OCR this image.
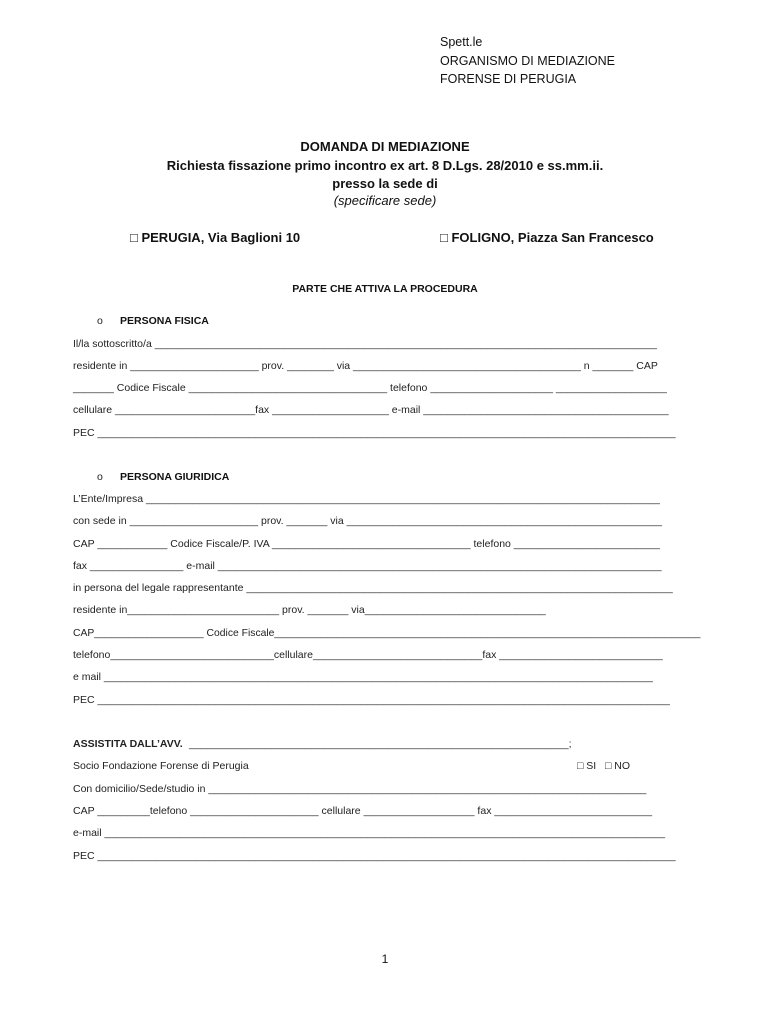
Spett.le
ORGANISMO DI MEDIAZIONE
FORENSE DI PERUGIA
DOMANDA DI MEDIAZIONE
Richiesta fissazione primo incontro ex art. 8 D.Lgs. 28/2010 e ss.mm.ii.
presso la sede di
(specificare sede)
□ PERUGIA, Via Baglioni 10	□ FOLIGNO, Piazza San Francesco
PARTE CHE ATTIVA LA PROCEDURA
o PERSONA FISICA
Il/la sottoscritto/a ______________________________________________________________________________________
residente in ______________________ prov. ________ via _______________________________________ n _______ CAP
_______ Codice Fiscale __________________________________ telefono _____________________ ___________________
cellulare ________________________fax ____________________ e-mail __________________________________________
PEC ___________________________________________________________________________________________________
o PERSONA GIURIDICA
L’Ente/Impresa ________________________________________________________________________________________
con sede in ______________________ prov. _______ via ______________________________________________________
CAP ____________ Codice Fiscale/P. IVA __________________________________ telefono _________________________
fax ________________ e-mail ____________________________________________________________________________
in persona del legale rappresentante _________________________________________________________________________
residente in__________________________ prov. _______ via_______________________________
CAP___________________ Codice Fiscale__________________________________________________________________________
telefono____________________________cellulare_____________________________fax ____________________________
e mail ______________________________________________________________________________________________
PEC __________________________________________________________________________________________________
ASSISTITA DALL’AVV. _________________________________________________________________;
Socio Fondazione Forense di Perugia	□ SI □ NO
Con domicilio/Sede/studio in ___________________________________________________________________________
CAP _________telefono ______________________ cellulare ___________________ fax ___________________________
e-mail ________________________________________________________________________________________________
PEC ___________________________________________________________________________________________________
1
